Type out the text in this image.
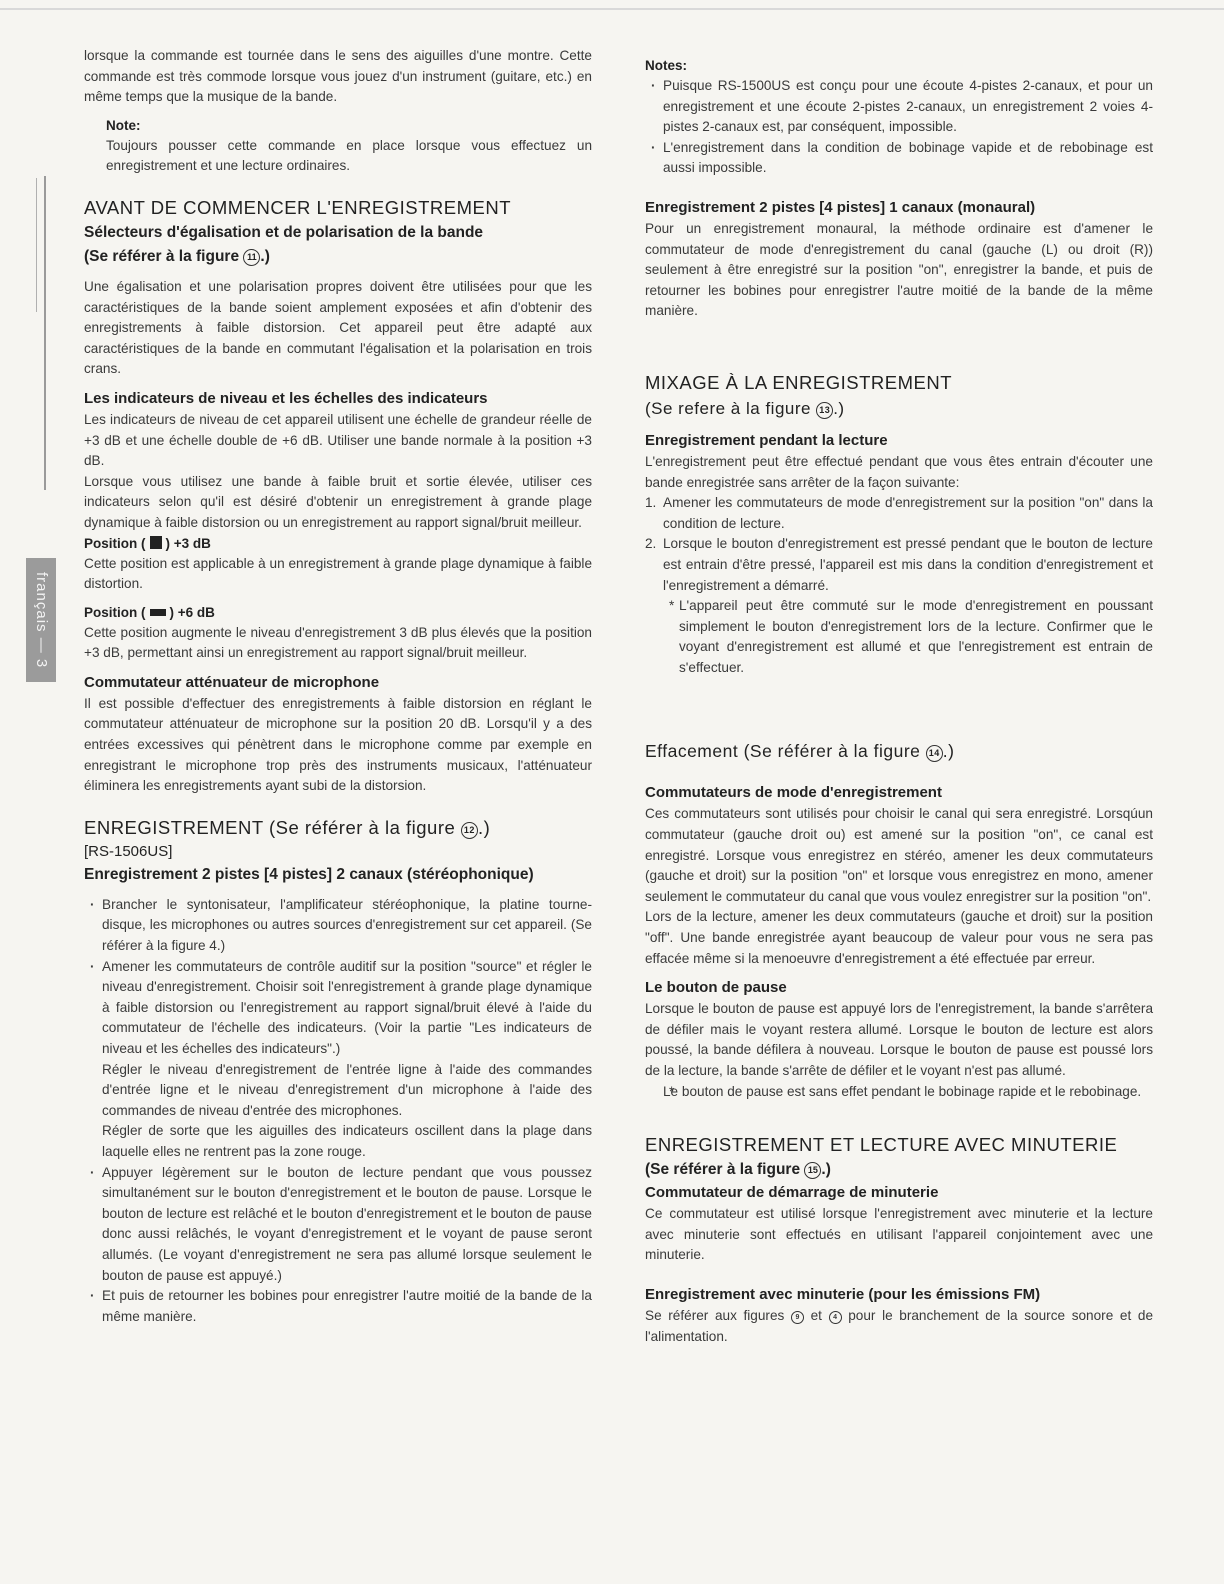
français — 3

lorsque la commande est tournée dans le sens des aiguilles d'une montre. Cette commande est très commode lorsque vous jouez d'un instrument (guitare, etc.) en même temps que la musique de la bande.

Note:

Toujours pousser cette commande en place lorsque vous effectuez un enregistrement et une lecture ordinaires.

AVANT DE COMMENCER L'ENREGISTREMENT

Sélecteurs d'égalisation et de polarisation de la bande

(Se référer à la figure 11 .)

Une égalisation et une polarisation propres doivent être utilisées pour que les caractéristiques de la bande soient amplement exposées et afin d'obtenir des enregistrements à faible distorsion. Cet appareil peut être adapté aux caractéristiques de la bande en commutant l'égalisation et la polarisation en trois crans.

Les indicateurs de niveau et les échelles des indicateurs

Les indicateurs de niveau de cet appareil utilisent une échelle de grandeur réelle de +3 dB et une échelle double de +6 dB. Utiliser une bande normale à la position +3 dB.

Lorsque vous utilisez une bande à faible bruit et sortie élevée, utiliser ces indicateurs selon qu'il est désiré d'obtenir un enregistrement à grande plage dynamique à faible distorsion ou un enregistrement au rapport signal/bruit meilleur.

Position ( ) +3 dB

Cette position est applicable à un enregistrement à grande plage dynamique à faible distortion.

Position ( ) +6 dB

Cette position augmente le niveau d'enregistrement 3 dB plus élevés que la position +3 dB, permettant ainsi un enregistrement au rapport signal/bruit meilleur.

Commutateur atténuateur de microphone

Il est possible d'effectuer des enregistrements à faible distorsion en réglant le commutateur atténuateur de microphone sur la position 20 dB. Lorsqu'il y a des entrées excessives qui pénètrent dans le microphone comme par exemple en enregistrant le microphone trop près des instruments musicaux, l'atténuateur éliminera les enregistrements ayant subi de la distorsion.

ENREGISTREMENT (Se référer à la figure 12 .)

[RS-1506US]

Enregistrement 2 pistes [4 pistes] 2 canaux (stéréophonique)

· Brancher le syntonisateur, l'amplificateur stéréophonique, la platine tourne-disque, les microphones ou autres sources d'enregistrement sur cet appareil. (Se référer à la figure 4.)
· Amener les commutateurs de contrôle auditif sur la position "source" et régler le niveau d'enregistrement. Choisir soit l'enregistrement à grande plage dynamique à faible distorsion ou l'enregistrement au rapport signal/bruit élevé à l'aide du commutateur de l'échelle des indicateurs. (Voir la partie "Les indicateurs de niveau et les échelles des indicateurs".)

Régler le niveau d'enregistrement de l'entrée ligne à l'aide des commandes d'entrée ligne et le niveau d'enregistrement d'un microphone à l'aide des commandes de niveau d'entrée des microphones.

Régler de sorte que les aiguilles des indicateurs oscillent dans la plage dans laquelle elles ne rentrent pas la zone rouge.

· Appuyer légèrement sur le bouton de lecture pendant que vous poussez simultanément sur le bouton d'enregistrement et le bouton de pause. Lorsque le bouton de lecture est relâché et le bouton d'enregistrement et le bouton de pause donc aussi relâchés, le voyant d'enregistrement et le voyant de pause seront allumés. (Le voyant d'enregistrement ne sera pas allumé lorsque seulement le bouton de pause est appuyé.)
· Et puis de retourner les bobines pour enregistrer l'autre moitié de la bande de la même manière.

Notes:

· Puisque RS-1500US est conçu pour une écoute 4-pistes 2-canaux, et pour un enregistrement et une écoute 2-pistes 2-canaux, un enregistrement 2 voies 4-pistes 2-canaux est, par conséquent, impossible.
· L'enregistrement dans la condition de bobinage vapide et de rebobinage est aussi impossible.

Enregistrement 2 pistes [4 pistes] 1 canaux (monaural)

Pour un enregistrement monaural, la méthode ordinaire est d'amener le commutateur de mode d'enregistrement du canal (gauche (L) ou droit (R)) seulement à être enregistré sur la position "on", enregistrer la bande, et puis de retourner les bobines pour enregistrer l'autre moitié de la bande de la même manière.

MIXAGE À LA ENREGISTREMENT

(Se refere à la figure 13 .)

Enregistrement pendant la lecture

L'enregistrement peut être effectué pendant que vous êtes entrain d'écouter une bande enregistrée sans arrêter de la façon suivante:

1. Amener les commutateurs de mode d'enregistrement sur la position "on" dans la condition de lecture.
2. Lorsque le bouton d'enregistrement est pressé pendant que le bouton de lecture est entrain d'être pressé, l'appareil est mis dans la condition d'enregistrement et l'enregistrement a démarré.
* L'appareil peut être commuté sur le mode d'enregistrement en poussant simplement le bouton d'enregistrement lors de la lecture. Confirmer que le voyant d'enregistrement est allumé et que l'enregistrement est entrain de s'effectuer.

Effacement (Se référer à la figure 14 .)

Commutateurs de mode d'enregistrement

Ces commutateurs sont utilisés pour choisir le canal qui sera enregistré. Lorsqúun commutateur (gauche droit ou) est amené sur la position "on", ce canal est enregistré. Lorsque vous enregistrez en stéréo, amener les deux commutateurs (gauche et droit) sur la position "on" et lorsque vous enregistrez en mono, amener seulement le commutateur du canal que vous voulez enregistrer sur la position "on".

Lors de la lecture, amener les deux commutateurs (gauche et droit) sur la position "off". Une bande enregistrée ayant beaucoup de valeur pour vous ne sera pas effacée même si la menoeuvre d'enregistrement a été effectuée par erreur.

Le bouton de pause

Lorsque le bouton de pause est appuyé lors de l'enregistrement, la bande s'arrêtera de défiler mais le voyant restera allumé. Lorsque le bouton de lecture est alors poussé, la bande défilera à nouveau. Lorsque le bouton de pause est poussé lors de la lecture, la bande s'arrête de défiler et le voyant n'est pas allumé.

* Le bouton de pause est sans effet pendant le bobinage rapide et le rebobinage.

ENREGISTREMENT ET LECTURE AVEC MINUTERIE

(Se référer à la figure 15 .)

Commutateur de démarrage de minuterie

Ce commutateur est utilisé lorsque l'enregistrement avec minuterie et la lecture avec minuterie sont effectués en utilisant l'appareil conjointement avec une minuterie.

Enregistrement avec minuterie (pour les émissions FM)

Se référer aux figures 9 et 4 pour le branchement de la source sonore et de l'alimentation.
